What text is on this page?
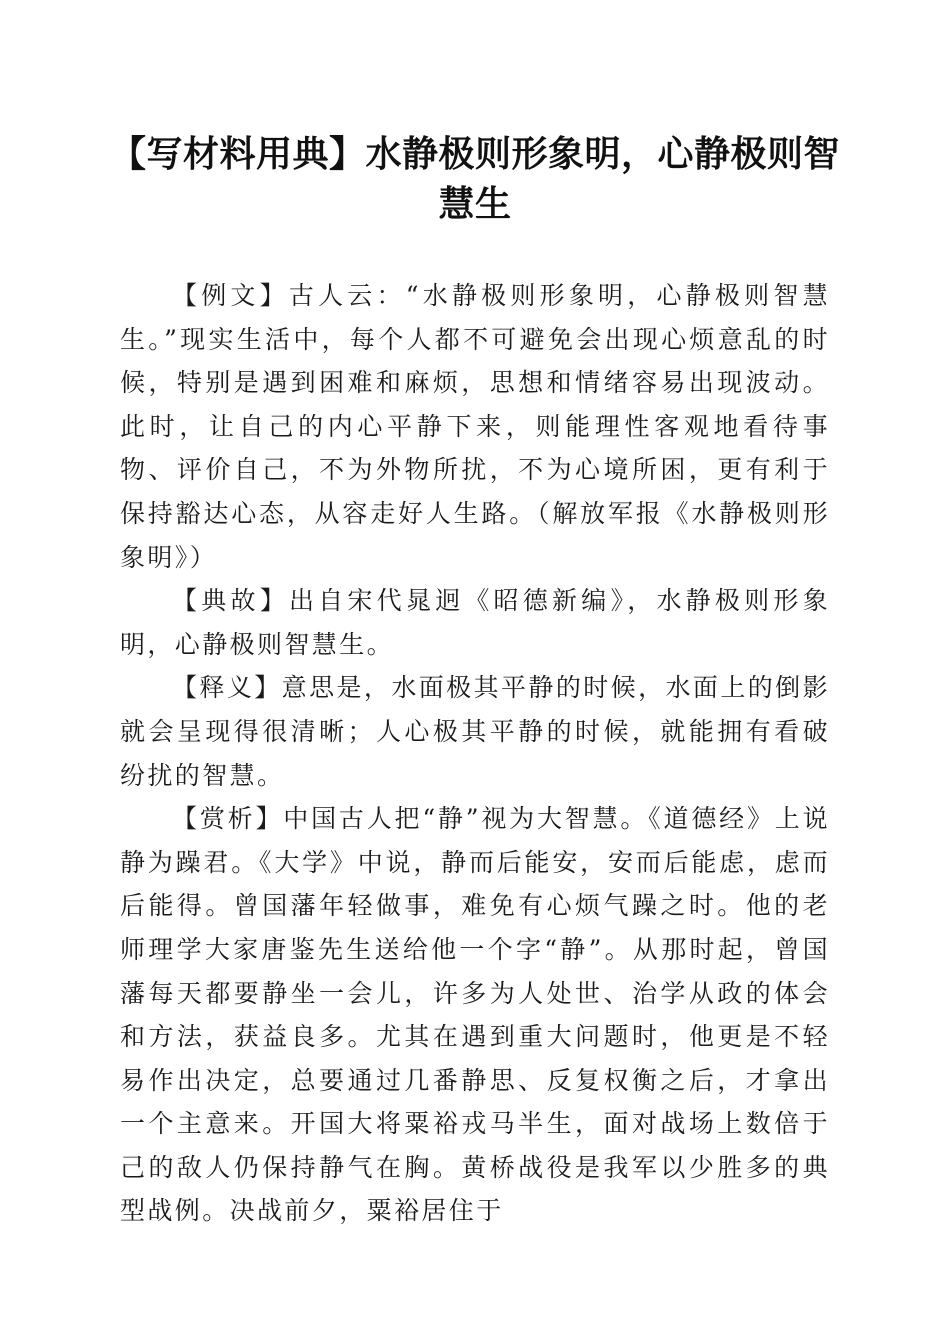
【写材料用典】水静极则形象明，心静极则智慧生

【例文】古人云：“水静极则形象明，心静极则智慧生。”现实生活中，每个人都不可避免会出现心烦意乱的时候，特别是遇到困难和麻烦，思想和情绪容易出现波动。此时，让自己的内心平静下来，则能理性客观地看待事物、评价自己，不为外物所扰，不为心境所困，更有利于保持豁达心态，从容走好人生路。（解放军报《水静极则形象明》）

【典故】出自宋代晁迥《昭德新编》，水静极则形象明，心静极则智慧生。

【释义】意思是，水面极其平静的时候，水面上的倒影就会呈现得很清晰；人心极其平静的时候，就能拥有看破纷扰的智慧。

【赏析】中国古人把“静”视为大智慧。《道德经》上说静为躁君。《大学》中说，静而后能安，安而后能虑，虑而后能得。曾国藩年轻做事，难免有心烦气躁之时。他的老师理学大家唐鉴先生送给他一个字“静”。从那时起，曾国藩每天都要静坐一会儿，许多为人处世、治学从政的体会和方法，获益良多。尤其在遇到重大问题时，他更是不轻易作出决定，总要通过几番静思、反复权衡之后，才拿出一个主意来。开国大将粟裕戎马半生，面对战场上数倍于己的敌人仍保持静气在胸。黄桥战役是我军以少胜多的典型战例。决战前夕，粟裕居住于
